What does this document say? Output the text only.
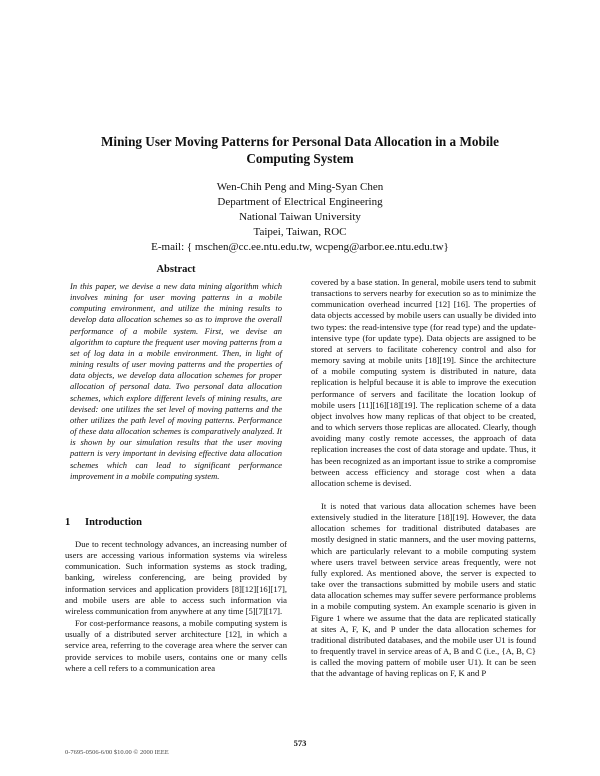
Mining User Moving Patterns for Personal Data Allocation in a Mobile Computing System
Wen-Chih Peng and Ming-Syan Chen
Department of Electrical Engineering
National Taiwan University
Taipei, Taiwan, ROC
E-mail: { mschen@cc.ee.ntu.edu.tw, wcpeng@arbor.ee.ntu.edu.tw}
Abstract
In this paper, we devise a new data mining algorithm which involves mining for user moving patterns in a mobile computing environment, and utilize the mining results to develop data allocation schemes so as to improve the overall performance of a mobile system. First, we devise an algorithm to capture the frequent user moving patterns from a set of log data in a mobile environment. Then, in light of mining results of user moving patterns and the properties of data objects, we develop data allocation schemes for proper allocation of personal data. Two personal data allocation schemes, which explore different levels of mining results, are devised: one utilizes the set level of moving patterns and the other utilizes the path level of moving patterns. Performance of these data allocation schemes is comparatively analyzed. It is shown by our simulation results that the user moving pattern is very important in devising effective data allocation schemes which can lead to significant performance improvement in a mobile computing system.
1 Introduction

Due to recent technology advances, an increasing number of users are accessing various information systems via wireless communication. Such information systems as stock trading, banking, wireless conferencing, are being provided by information services and application providers [8][12][16][17], and mobile users are able to access such information via wireless communication from anywhere at any time [5][7][17].

For cost-performance reasons, a mobile computing system is usually of a distributed server architecture [12], in which a service area, referring to the coverage area where the server can provide services to mobile users, contains one or many cells where a cell refers to a communication area

covered by a base station. In general, mobile users tend to submit transactions to servers nearby for execution so as to minimize the communication overhead incurred [12] [16]. The properties of data objects accessed by mobile users can usually be divided into two types: the read-intensive type (for read type) and the update-intensive type (for update type). Data objects are assigned to be stored at servers to facilitate coherency control and also for memory saving at mobile units [18][19]. Since the architecture of a mobile computing system is distributed in nature, data replication is helpful because it is able to improve the execution performance of servers and facilitate the location lookup of mobile users [11][16][18][19]. The replication scheme of a data object involves how many replicas of that object to be created, and to which servers those replicas are allocated. Clearly, though avoiding many costly remote accesses, the approach of data replication increases the cost of data storage and update. Thus, it has been recognized as an important issue to strike a compromise between access efficiency and storage cost when a data allocation scheme is devised.

It is noted that various data allocation schemes have been extensively studied in the literature [18][19]. However, the data allocation schemes for traditional distributed databases are mostly designed in static manners, and the user moving patterns, which are particularly relevant to a mobile computing system where users travel between service areas frequently, were not fully explored. As mentioned above, the server is expected to take over the transactions submitted by mobile users and static data allocation schemes may suffer severe performance problems in a mobile computing system. An example scenario is given in Figure 1 where we assume that the data are replicated statically at sites A, F, K, and P under the data allocation schemes for traditional distributed databases, and the mobile user U1 is found to frequently travel in service areas of A, B and C (i.e., {A, B, C} is called the moving pattern of mobile user U1). It can be seen that the advantage of having replicas on F, K and P

573
0-7695-0506-6/00 $10.00 © 2000 IEEE
